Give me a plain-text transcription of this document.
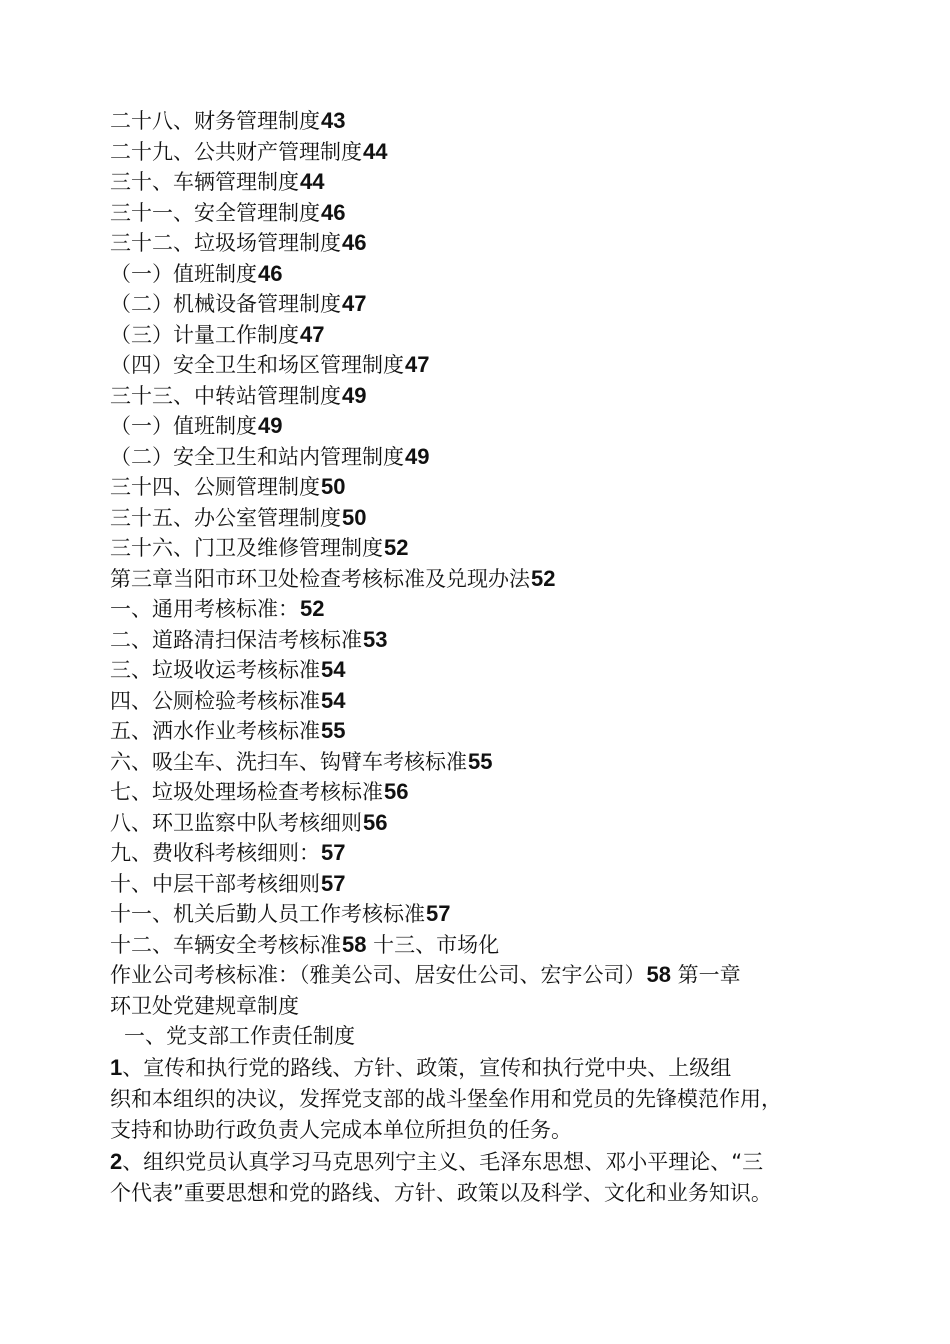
二十八、财务管理制度43
二十九、公共财产管理制度44
三十、车辆管理制度44
三十一、安全管理制度46
三十二、垃圾场管理制度46
（一）值班制度46
（二）机械设备管理制度47
（三）计量工作制度47
（四）安全卫生和场区管理制度47
三十三、中转站管理制度49
（一）值班制度49
（二）安全卫生和站内管理制度49
三十四、公厕管理制度50
三十五、办公室管理制度50
三十六、门卫及维修管理制度52
第三章当阳市环卫处检查考核标准及兑现办法52
一、通用考核标准：52
二、道路清扫保洁考核标准53
三、垃圾收运考核标准54
四、公厕检验考核标准54
五、洒水作业考核标准55
六、吸尘车、洗扫车、钩臂车考核标准55
七、垃圾处理场检查考核标准56
八、环卫监察中队考核细则56
九、费收科考核细则：57
十、中层干部考核细则57
十一、机关后勤人员工作考核标准57
十二、车辆安全考核标准58 十三、市场化
作业公司考核标准：（雅美公司、居安仕公司、宏宇公司）58 第一章
环卫处党建规章制度
一、党支部工作责任制度
1、宣传和执行党的路线、方针、政策，宣传和执行党中央、上级组
织和本组织的决议，发挥党支部的战斗堡垒作用和党员的先锋模范作用，
支持和协助行政负责人完成本单位所担负的任务。
2、组织党员认真学习马克思列宁主义、毛泽东思想、邓小平理论、“三
个代表”重要思想和党的路线、方针、政策以及科学、文化和业务知识。
